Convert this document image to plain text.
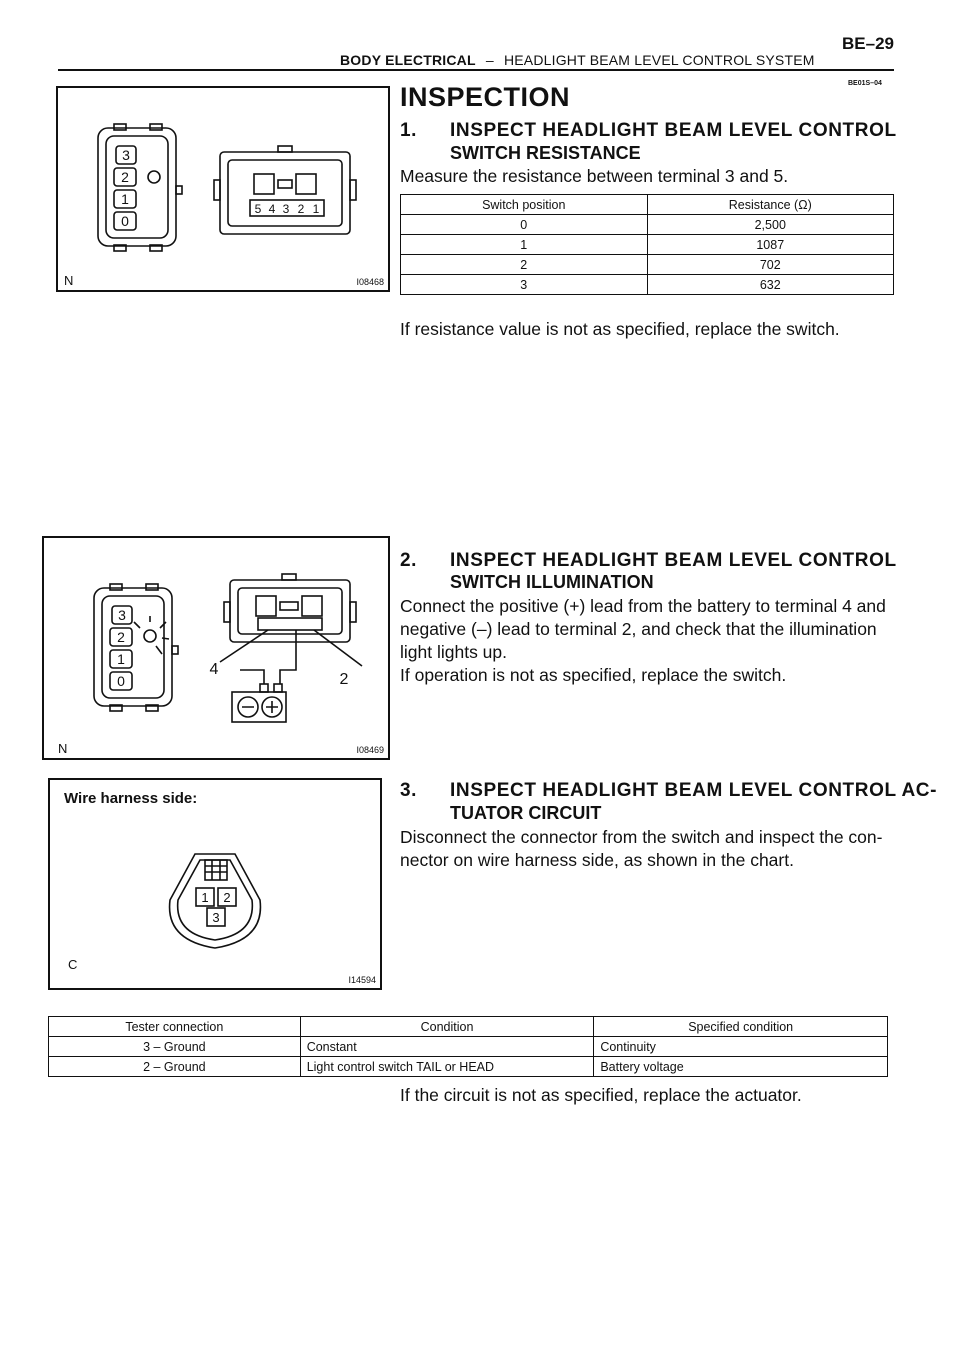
BE–29
BODY ELECTRICAL – HEADLIGHT BEAM LEVEL CONTROL SYSTEM
BE01S–04
3
2
1
0
5 4 3 2 1
N	I08468
INSPECTION
1. INSPECT HEADLIGHT BEAM LEVEL CONTROL
SWITCH RESISTANCE
Measure the resistance between terminal 3 and 5.
Switch position	Resistance (Ω)
0	2,500
1	1087
2	702
3	632
If resistance value is not as specified, replace the switch.
3
2
1
0
4
2
N	I08469
2. INSPECT HEADLIGHT BEAM LEVEL CONTROL
SWITCH ILLUMINATION
Connect the positive (+) lead from the battery to terminal 4 and
negative (–) lead to terminal 2, and check that the illumination
light lights up.
If operation is not as specified, replace the switch.
Wire harness side:
1 2
3
C
I14594
3. INSPECT HEADLIGHT BEAM LEVEL CONTROL AC-
TUATOR CIRCUIT
Disconnect the connector from the switch and inspect the con-
nector on wire harness side, as shown in the chart.
Tester connection	Condition	Specified condition
3 – Ground	Constant	Continuity
2 – Ground	Light control switch TAIL or HEAD	Battery voltage
If the circuit is not as specified, replace the actuator.
